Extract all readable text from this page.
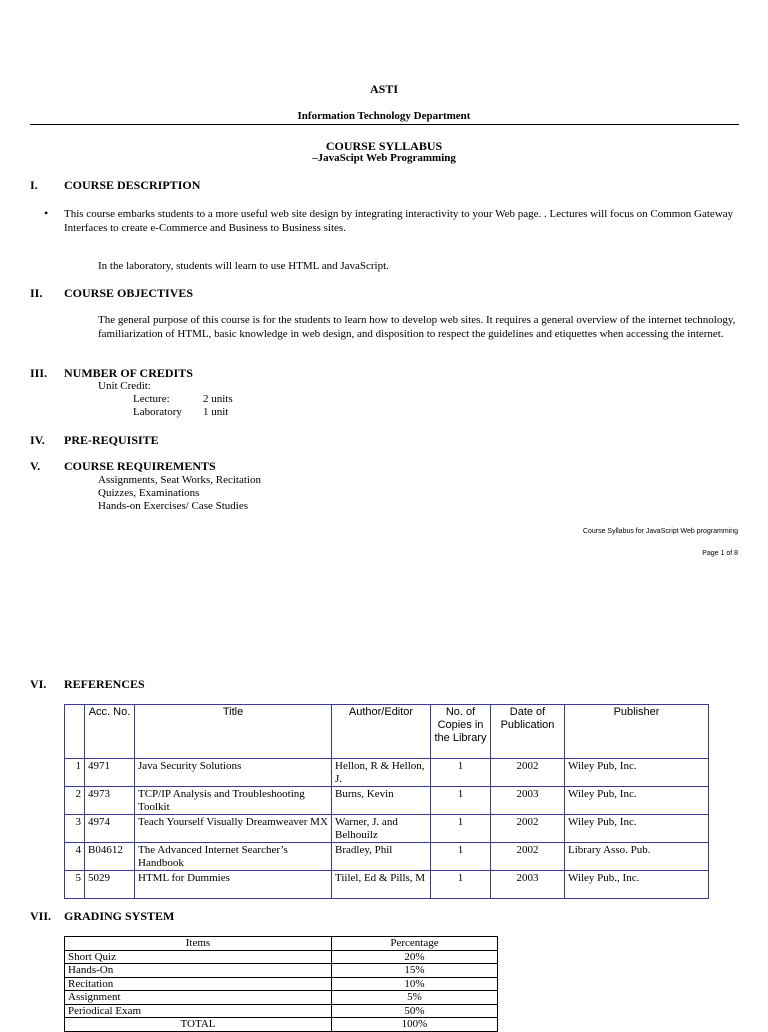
ASTI
Information Technology Department
COURSE SYLLABUS
–JavaScipt Web Programming
I. COURSE DESCRIPTION
• This course embarks students to a more useful web site design by integrating interactivity to your Web page. . Lectures will focus on Common Gateway Interfaces to create e-Commerce and Business to Business sites.
In the laboratory, students will learn to use HTML and JavaScript.
II. COURSE OBJECTIVES
The general purpose of this course is for the students to learn how to develop web sites. It requires a general overview of the internet technology, familiarization of HTML, basic knowledge in web design, and disposition to respect the guidelines and etiquettes when accessing the internet.
III. NUMBER OF CREDITS
Unit Credit:
Lecture:	2 units
Laboratory 1 unit
IV. PRE-REQUISITE
V. COURSE REQUIREMENTS
Assignments, Seat Works, Recitation
Quizzes, Examinations
Hands-on Exercises/ Case Studies
Course Syllabus for JavaScript Web programming
Page 1 of 8
VI. REFERENCES
	Acc. No.	Title	Author/Editor	No. of Copies in the Library	Date of Publication	Publisher
1	4971	Java Security Solutions	Hellon, R & Hellon, J.	1	2002	Wiley Pub, Inc.
2	4973	TCP/IP Analysis and Troubleshooting Toolkit	Burns, Kevin	1	2003	Wiley Pub, Inc.
3	4974	Teach Yourself Visually Dreamweaver MX	Warner, J. and Belhouilz	1	2002	Wiley Pub, Inc.
4	B04612	The Advanced Internet Searcher’s Handbook	Bradley, Phil	1	2002	Library Asso. Pub.
5	5029	HTML for Dummies	Tiilel, Ed & Pills, M	1	2003	Wiley Pub., Inc.
VII. GRADING SYSTEM
Items	Percentage
Short Quiz	20%
Hands-On	15%
Recitation	10%
Assignment	5%
Periodical Exam	50%
TOTAL	100%
